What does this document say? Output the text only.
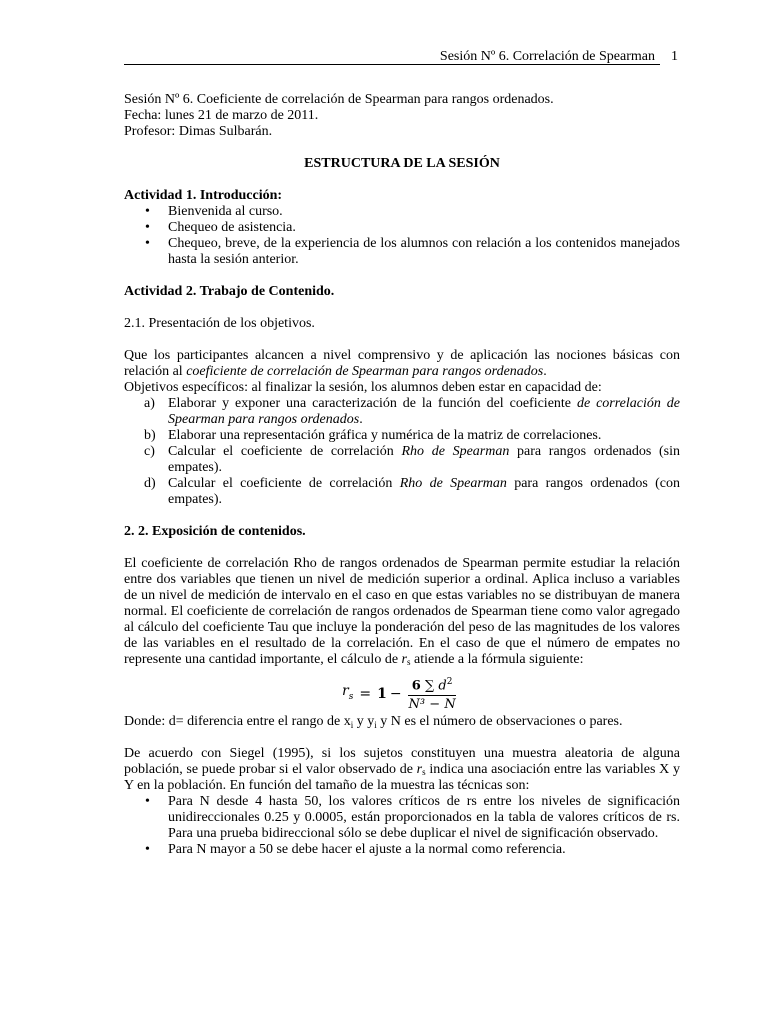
Sesión Nº 6. Correlación de Spearman 1

Sesión Nº 6. Coeficiente de correlación de Spearman para rangos ordenados.

Fecha: lunes 21 de marzo de 2011.

Profesor: Dimas Sulbarán.

ESTRUCTURA DE LA SESIÓN

Actividad 1. Introducción:

• Bienvenida al curso.
• Chequeo de asistencia.
• Chequeo, breve, de la experiencia de los alumnos con relación a los contenidos manejados hasta la sesión anterior.

Actividad 2. Trabajo de Contenido.

2.1. Presentación de los objetivos.

Que los participantes alcancen a nivel comprensivo y de aplicación las nociones básicas con relación al coeficiente de correlación de Spearman para rangos ordenados.

Objetivos específicos: al finalizar la sesión, los alumnos deben estar en capacidad de:

a) Elaborar y exponer una caracterización de la función del coeficiente de correlación de Spearman para rangos ordenados.
b) Elaborar una representación gráfica y numérica de la matriz de correlaciones.
c) Calcular el coeficiente de correlación Rho de Spearman para rangos ordenados (sin empates).
d) Calcular el coeficiente de correlación Rho de Spearman para rangos ordenados (con empates).

2. 2. Exposición de contenidos.

El coeficiente de correlación Rho de rangos ordenados de Spearman permite estudiar la relación entre dos variables que tienen un nivel de medición superior a ordinal. Aplica incluso a variables de un nivel de medición de intervalo en el caso en que estas variables no se distribuyan de manera normal. El coeficiente de correlación de rangos ordenados de Spearman tiene como valor agregado al cálculo del coeficiente Tau que incluye la ponderación del peso de las magnitudes de los valores de las variables en el resultado de la correlación. En el caso de que el número de empates no represente una cantidad importante, el cálculo de $r_s$ atiende a la fórmula siguiente:

$r_s = 1 - \frac{6 \sum d^2}{\text{N³ − N}}$

Donde: d= diferencia entre el rango de $x_i$ y $y_i$ y N es el número de observaciones o pares.

De acuerdo con Siegel (1995), si los sujetos constituyen una muestra aleatoria de alguna población, se puede probar si el valor observado de $r_s$ indica una asociación entre las variables X y Y en la población. En función del tamaño de la muestra las técnicas son:

• Para N desde 4 hasta 50, los valores críticos de rs entre los niveles de significación unidireccionales 0.25 y 0.0005, están proporcionados en la tabla de valores críticos de rs. Para una prueba bidireccional sólo se debe duplicar el nivel de significación observado.
• Para N mayor a 50 se debe hacer el ajuste a la normal como referencia.
